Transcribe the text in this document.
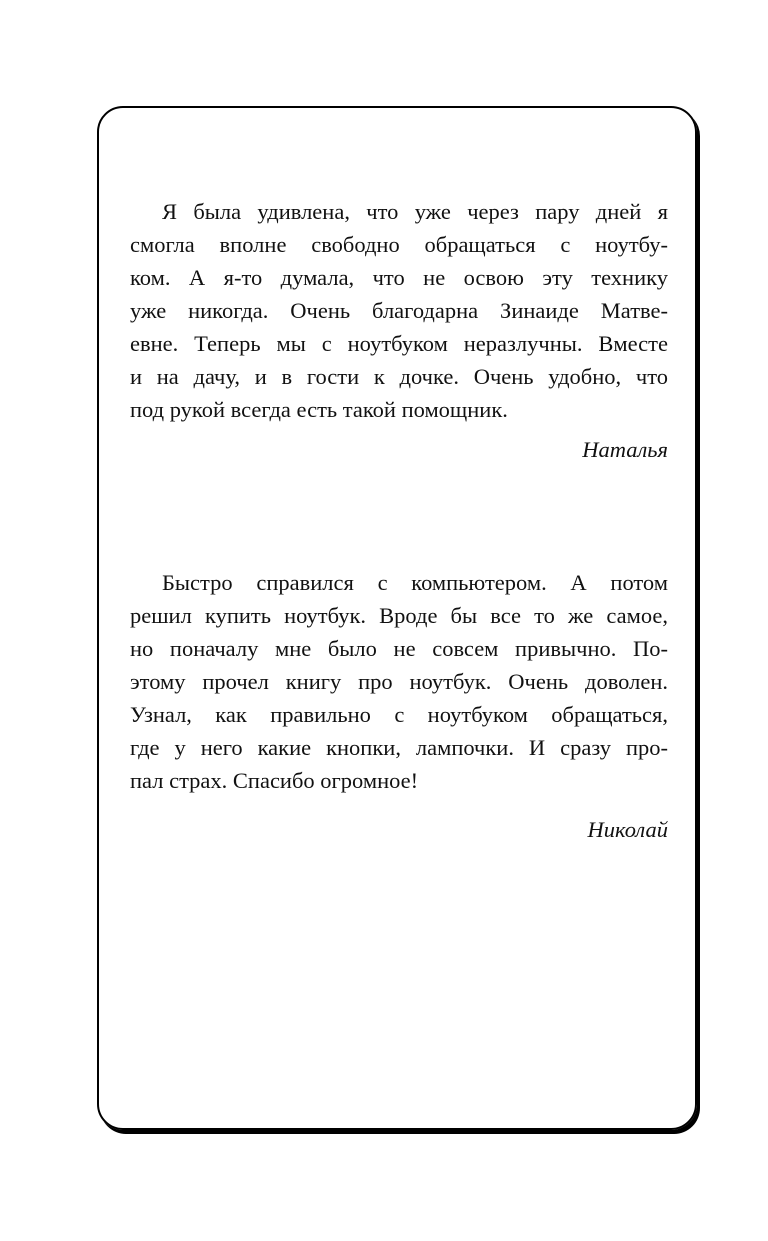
Я была удивлена, что уже через пару дней я
смогла вполне свободно обращаться с ноутбу-
ком. А я-то думала, что не освою эту технику
уже никогда. Очень благодарна Зинаиде Матве-
евне. Теперь мы с ноутбуком неразлучны. Вместе
и на дачу, и в гости к дочке. Очень удобно, что
под рукой всегда есть такой помощник.
Наталья
Быстро справился с компьютером. А потом
решил купить ноутбук. Вроде бы все то же самое,
но поначалу мне было не совсем привычно. По-
этому прочел книгу про ноутбук. Очень доволен.
Узнал, как правильно с ноутбуком обращаться,
где у него какие кнопки, лампочки. И сразу про-
пал страх. Спасибо огромное!
Николай
